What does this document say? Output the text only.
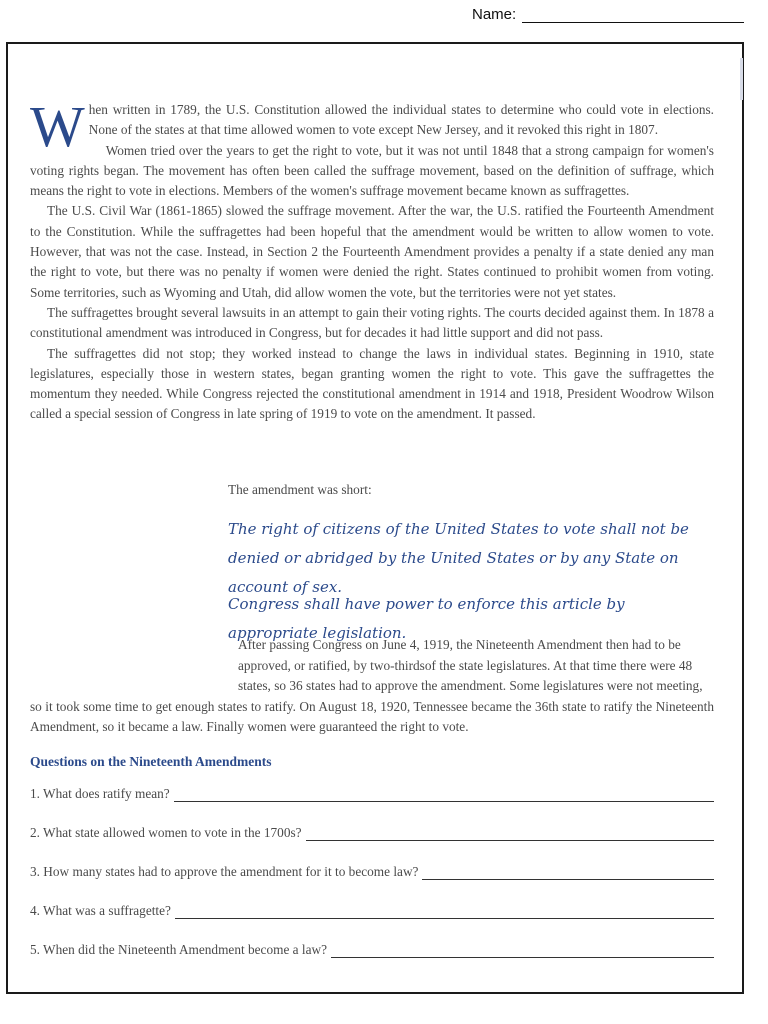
Name:

When written in 1789, the U.S. Constitution allowed the individual states to determine who could vote in elections. None of the states at that time allowed women to vote except New Jersey, and it revoked this right in 1807.

Women tried over the years to get the right to vote, but it was not until 1848 that a strong campaign for women's voting rights began. The movement has often been called the suffrage movement, based on the definition of suffrage, which means the right to vote in elections. Members of the women's suffrage movement became known as suffragettes.

The U.S. Civil War (1861-1865) slowed the suffrage movement. After the war, the U.S. ratified the Fourteenth Amendment to the Constitution. While the suffragettes had been hopeful that the amendment would be written to allow women to vote. However, that was not the case. Instead, in Section 2 the Fourteenth Amendment provides a penalty if a state denied any man the right to vote, but there was no penalty if women were denied the right. States continued to prohibit women from voting. Some territories, such as Wyoming and Utah, did allow women the vote, but the territories were not yet states.

The suffragettes brought several lawsuits in an attempt to gain their voting rights. The courts decided against them. In 1878 a constitutional amendment was introduced in Congress, but for decades it had little support and did not pass.

The suffragettes did not stop; they worked instead to change the laws in individual states. Beginning in 1910, state legislatures, especially those in western states, began granting women the right to vote. This gave the suffragettes the momentum they needed. While Congress rejected the constitutional amendment in 1914 and 1918, President Woodrow Wilson called a special session of Congress in late spring of 1919 to vote on the amendment. It passed.

The amendment was short:
The right of citizens of the United States to vote shall not be denied or abridged by the United States or by any State on account of sex.
Congress shall have power to enforce this article by appropriate legislation.

After passing Congress on June 4, 1919, the Nineteenth Amendment then had to be
approved, or ratified, by two-thirdsof the state legislatures. At that time there were 48
states, so 36 states had to approve the amendment. Some legislatures were not meeting,
so it took some time to get enough states to ratify. On August 18, 1920, Tennessee became the 36th state to ratify the Nineteenth Amendment, so it became a law. Finally women were guaranteed the right to vote.

Questions on the Nineteenth Amendments
1. What does ratify mean?
2. What state allowed women to vote in the 1700s?
3. How many states had to approve the amendment for it to become law?
4. What was a suffragette?
5. When did the Nineteenth Amendment become a law?
